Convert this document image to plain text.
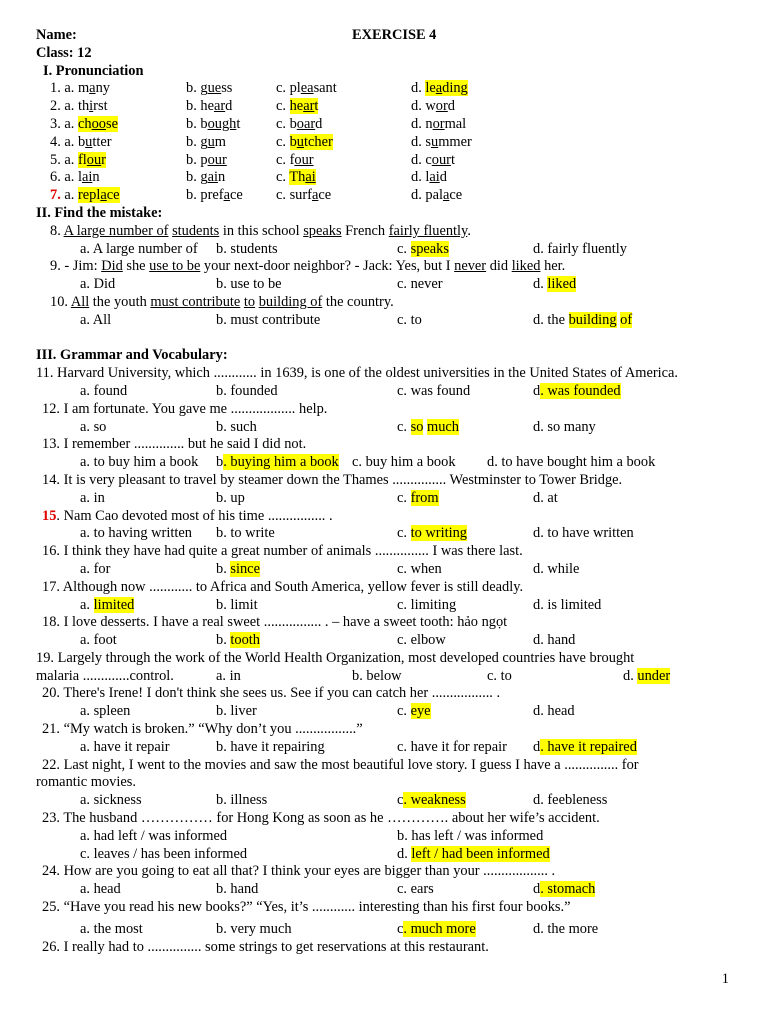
Name:	EXERCISE 4
Class: 12
I. Pronunciation
1. a. many	b. guess	c. pleasant	d. leading
2. a. thirst	b. heard	c. heart	d. word
3. a. choose	b. bought c. board	d. normal
4. a. butter	b. gum	c. butcher	d. summer
5. a. flour	b. pour	c. four	d. court
6. a. lain	b. gain	c. Thai	d. laid
7. a. replace	b. preface c. surface	d. palace
II. Find the mistake:
8. A large number of students in this school speaks French fairly fluently.
a. A large number of b. students	c. speaks	d. fairly fluently
9. - Jim: Did she use to be your next-door neighbor? - Jack: Yes, but I never did liked her.
a. Did	b. use to be	c. never	d. liked
10. All the youth must contribute to building of the country.
a. All	b. must contribute	c. to	d. the building of
III. Grammar and Vocabulary:
11. Harvard University, which ............ in 1639, is one of the oldest universities in the United States of America.
a. found	b. founded	c. was found	d. was founded
12. I am fortunate. You gave me .................. help.
a. so	b. such	c. so much	d. so many
13. I remember .............. but he said I did not.
a. to buy him a book b. buying him a book c. buy him a book d. to have bought him a book
14. It is very pleasant to travel by steamer down the Thames ............... Westminster to Tower Bridge.
a. in	b. up	c. from	d. at
15. Nam Cao devoted most of his time ................ .
a. to having written b. to write	c. to writing	d. to have written
16. I think they have had quite a great number of animals ............... I was there last.
a. for	b. since	c. when	d. while
17. Although now ............ to Africa and South America, yellow fever is still deadly.
a. limited	b. limit	c. limiting	d. is limited
18. I love desserts. I have a real sweet ................ . – have a sweet tooth: hảo ngọt
a. foot	b. tooth	c. elbow	d. hand
19. Largely through the work of the World Health Organization, most developed countries have brought
malaria .............control.	a. in	b. below	c. to	d. under
20. There's Irene! I don't think she sees us. See if you can catch her ................. .
a. spleen	b. liver	c. eye	d. head
21. “My watch is broken.” “Why don’t you .................”
a. have it repair	b. have it repairing	c. have it for repair d. have it repaired
22. Last night, I went to the movies and saw the most beautiful love story. I guess I have a ............... for
romantic movies.
a. sickness	b. illness	c. weakness	d. feebleness
23. The husband …………… for Hong Kong as soon as he …………. about her wife’s accident.
a. had left / was informed	b. has left / was informed
c. leaves / has been informed	d. left / had been informed
24. How are you going to eat all that? I think your eyes are bigger than your .................. .
a. head	b. hand	c. ears	d. stomach
25. “Have you read his new books?” “Yes, it’s ............ interesting than his first four books.”
a. the most	b. very much	c. much more	d. the more
26. I really had to ............... some strings to get reservations at this restaurant.
1
